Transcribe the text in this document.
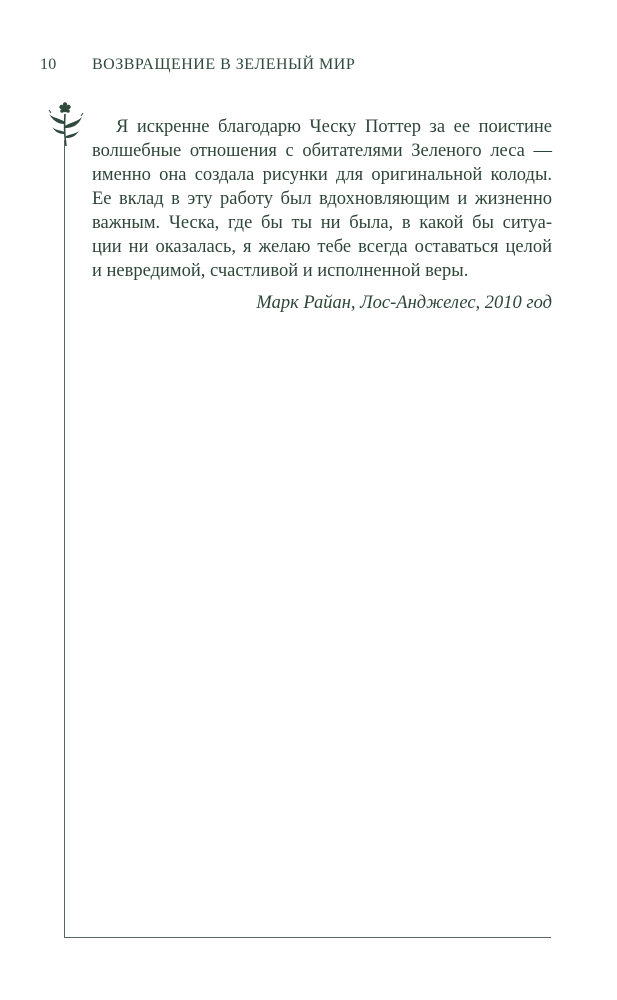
10 ВОЗВРАЩЕНИЕ В ЗЕЛЕНЫЙ МИР
Я искренне благодарю Ческу Поттер за ее поистине
волшебные отношения с обитателями Зеленого леса —
именно она создала рисунки для оригинальной колоды.
Ее вклад в эту работу был вдохновляющим и жизненно
важным. Ческа, где бы ты ни была, в какой бы ситуа-
ции ни оказалась, я желаю тебе всегда оставаться целой
и невредимой, счастливой и исполненной веры.

Марк Райан, Лос-Анджелес, 2010 год
